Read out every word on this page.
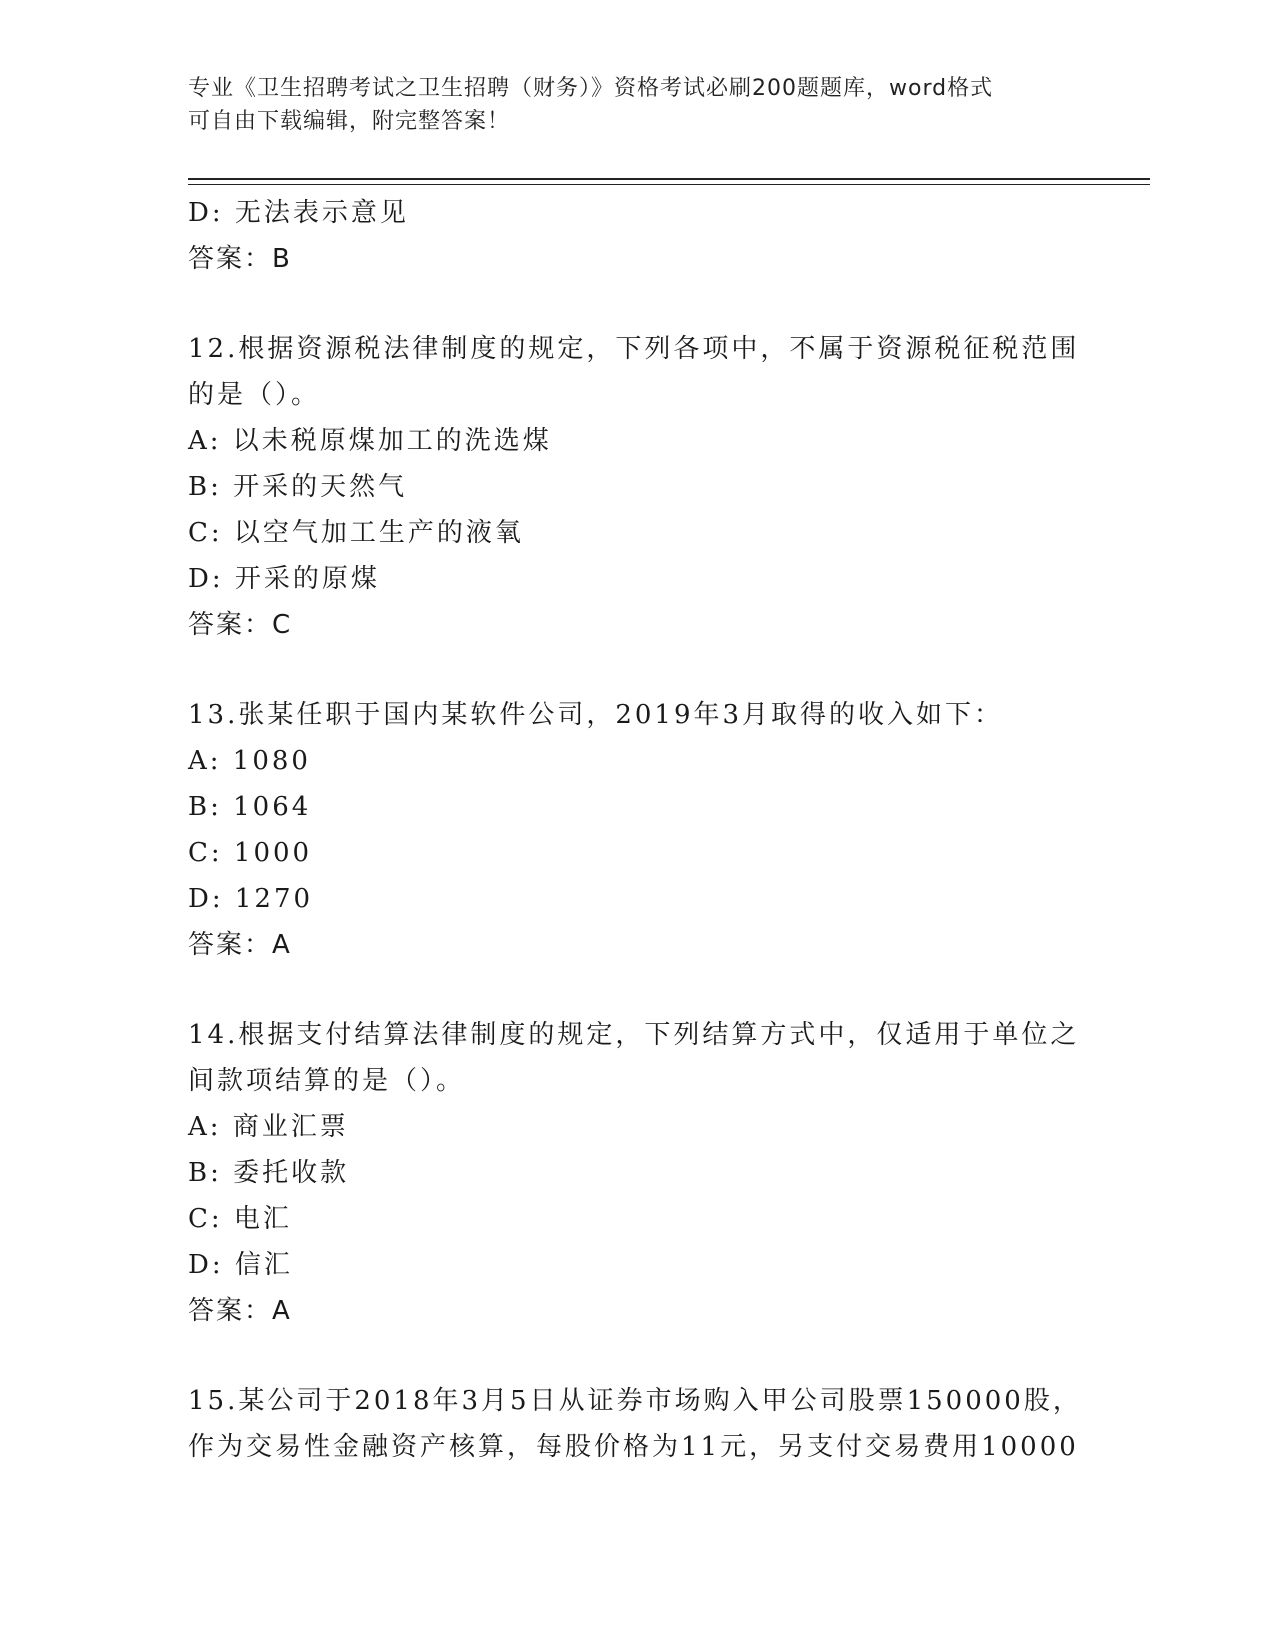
专业《卫生招聘考试之卫生招聘（财务）》资格考试必刷200题题库，word格式
可自由下载编辑，附完整答案！
D: 无法表示意见
答案：B
12.根据资源税法律制度的规定，下列各项中，不属于资源税征税范围
的是（）。
A: 以未税原煤加工的洗选煤
B: 开采的天然气
C: 以空气加工生产的液氧
D: 开采的原煤
答案：C
13.张某任职于国内某软件公司，2019年3月取得的收入如下：
A: 1080
B: 1064
C: 1000
D: 1270
答案：A
14.根据支付结算法律制度的规定，下列结算方式中，仅适用于单位之
间款项结算的是（）。
A: 商业汇票
B: 委托收款
C: 电汇
D: 信汇
答案：A
15.某公司于2018年3月5日从证券市场购入甲公司股票150000股，
作为交易性金融资产核算，每股价格为11元，另支付交易费用10000
